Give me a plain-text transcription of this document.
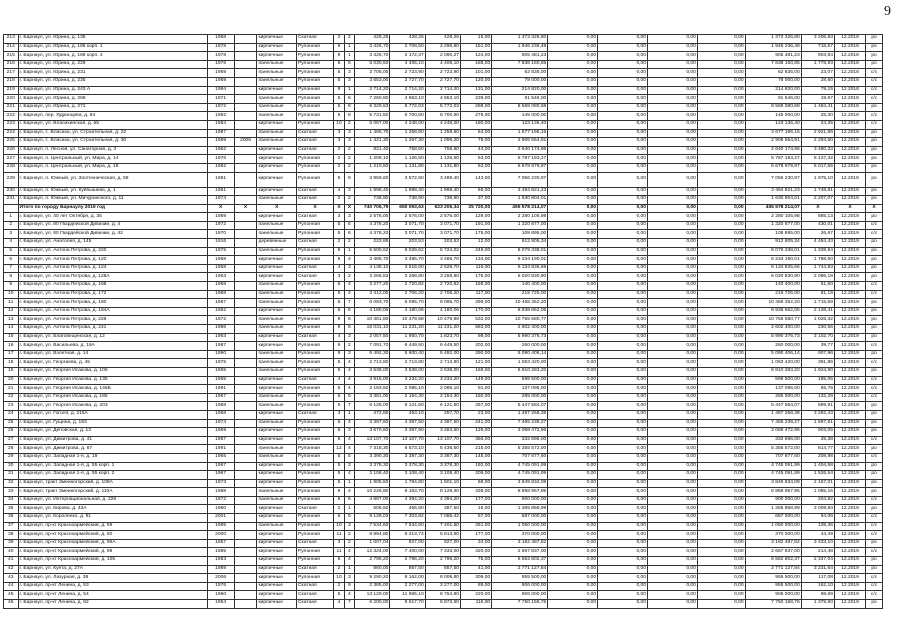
9
213	г. Барнаул, ул. Юрина, д. 135	1958		кирпичные	Скатная	2	2	428,25	428,25	428,25	16,00	1 373 326,80	0,00	0,00	0,00	0,00	1 373 326,80	3 206,83	12.2018	ро
214	г. Барнаул, ул. Юрина, д. 186 корп. 1	1978		кирпичные	Рулонная	9	1	3 426,70	2 708,50	2 296,80	151,00	1 946 236,48	0,00	0,00	0,00	0,00	1 946 236,48	718,57	12.2018	ро
215	г. Барнаул, ул. Юрина, д. 186 корп. 2	1978		кирпичные	Рулонная	9	1	3 426,70	2 172,37	2 090,27	124,00	905 481,23	0,00	0,00	0,00	0,00	905 481,23	903,84	12.2018	ро
216	г. Барнаул, ул. Юрина, д. 229	1976		панельные	Рулонная	5	6	5 030,50	4 406,10	4 406,10	188,00	7 838 160,85	0,00	0,00	0,00	0,00	7 838 160,85	1 778,93	12.2018	ро
217	г. Барнаул, ул. Юрина, д. 231	1969		панельные	Рулонная	5	3	3 705,00	2 723,90	2 723,90	101,00	62 835,00	0,00	0,00	0,00	0,00	62 835,00	23,07	12.2018	с/с
218	г. Барнаул, ул. Юрина, д. 235	1969		панельные	Рулонная	5	3	3 653,00	2 727,70	2 727,70	120,00	78 000,00	0,00	0,00	0,00	0,00	78 000,00	28,60	12.2018	с/с
219	г. Барнаул, ул. Юрина, д. 243 А	1994		кирпичные	Рулонная	9	1	2 714,20	2 714,20	2 714,20	131,00	214 820,00	0,00	0,00	0,00	0,00	214 820,00	79,15	12.2018	с/с
220	г. Барнаул, ул. Юрина, д. 269	1971		панельные	Рулонная	5	6	7 260,80	4 653,10	4 653,10	239,00	91 546,00	0,00	0,00	0,00	0,00	91 546,00	19,67	12.2018	с/с
221	г. Барнаул, ул. Юрина, д. 271	1972		панельные	Рулонная	5	8	6 329,53	5 772,03	5 772,03	288,00	8 568 080,68	0,00	0,00	0,00	0,00	8 568 080,68	1 484,41	12.2018	ро
222	г. Барнаул, пер. Ядринцева, д. 84	1992		панельные	Рулонная	5	8	5 731,50	5 700,60	5 700,60	278,00	145 000,00	0,00	0,00	0,00	0,00	145 000,00	25,30	12.2018	с/с
223	г. Барнаул, ул. Власихинская, д. 65	1984		кирпичные	Рулонная	10	2	5 067,00	4 248,00	4 248,00	180,00	123 136,40	0,00	0,00	0,00	0,00	123 136,40	24,35	12.2018	с/с
224	г. Барнаул, с. Власиха, ул. Строительная, д. 22	1987		панельные	Скатная	3	3	1 465,70	1 258,60	1 258,60	64,00	1 677 196,15	0,00	0,00	0,00	0,00	3 677 196,15	2 921,86	12.2018	ро
225	г. Барнаул, с. Власиха, ул. Строительная, д. 30	1989	2008	панельные	Скатная	3	3	1 421,30	1 267,30	1 098,20	79,00	2 906 554,91	0,00	0,00	0,00	0,00	2 906 554,91	2 293,50	12.2018	ро
226	г. Барнаул, п. Лесной, ул. Санаторная, д. 3	1962		кирпичные	Скатная	2	2	821,40	758,60	758,60	44,00	2 640 174,96	0,00	0,00	0,00	0,00	2 640 174,96	3 480,33	12.2018	ро
227	г. Барнаул, п. Центральный, ул. Мира, д. 14	1976		кирпичные	Рулонная	2	2	1 209,10	1 126,50	1 126,50	53,00	5 787 193,27	0,00	0,00	0,00	0,00	5 787 193,27	5 137,32	12.2018	ро
228	г. Барнаул, п. Центральный, ул. Мира, д. 18	1982		кирпичные	Рулонная	2	2	1 210,50	1 131,80	1 131,80	52,00	5 678 979,97	0,00	0,00	0,00	0,00	5 678 979,97	5 017,65	12.2018	ро
229	г. Барнаул, п. Южный, ул. Зоотехническая, д. 59	1981		кирпичные	Рулонная	5	6	3 959,60	3 572,60	3 489,40	143,00	7 056 230,97	0,00	0,00	0,00	0,00	7 056 230,97	1 975,10	12.2018	ро
230	г. Барнаул, п. Южный, ул. Куйбышева, д. 1	1961		кирпичные	Скатная	4	3	1 998,40	1 998,40	1 998,40	65,00	3 494 821,23	0,00	0,00	0,00	0,00	3 494 821,23	1 748,81	12.2018	ро
231	г. Барнаул, п. Южный, ул. Мичуринского, д. 11	1974		панельные	Скатная	2	2	738,90	738,90	738,90	37,00	1 630 804,01	0,00	0,00	0,00	0,00	1 630 804,01	2 207,07	12.2018	ро
	Итого по городу Барнаулу 2019 год	X	X	X	X	X	X	740 706,79	650 093,63	623 206,34	25 720,00	455 578 214,07	0,00	0,00	0,00	0,00	455 578 214,07	X	X	X
1	г. Барнаул, ул. 40 лет Октября, д. 35	1959		кирпичные	Скатная	3	3	2 576,00	2 576,00	2 576,00	129,00	2 280 105,98	0,00	0,00	0,00	0,00	2 280 105,98	885,13	12.2019	ро
2	г. Барнаул, ул. 80 Гвардейской Дивизии, д. 4	1972		панельные	Рулонная	5	6	4 378,20	3 071,70	3 071,70	191,00	1 320 877,00	0,00	0,00	0,00	0,00	1 320 877,00	430,01	12.2019	с/с
3	г. Барнаул, ул. 80 Гвардейской Дивизии, д. 42	1970		панельные	Рулонная	5	6	4 378,20	3 071,70	3 071,70	175,00	108 895,00	0,00	0,00	0,00	0,00	108 895,00	26,67	12.2019	с/с
4	г. Барнаул, ул. Анатолия, д. 145	1916		деревянные	Скатная	2	2	223,85	203,53	203,53	12,00	912 805,34	0,00	0,00	0,00	0,00	912 805,34	4 484,43	12.2019	ро
5	г. Барнаул, ул. Антона Петрова, д. 220	1975		панельные	Рулонная	9	1	6 500,62	6 029,62	5 724,02	249,00	8 079 338,01	0,00	0,00	0,00	0,00	8 079 338,01	1 339,94	12.2019	ро
6	г. Барнаул, ул. Антона Петрова, д. 120	1968		кирпичные	Рулонная	5	4	3 485,70	3 485,70	3 485,70	134,00	6 234 190,01	0,00	0,00	0,00	0,00	6 234 190,01	1 788,50	12.2019	ро
7	г. Барнаул, ул. Антона Петрова, д. 124	1968		кирпичные	Скатная	4	3	4 138,10	3 516,00	2 528,70	116,00	6 134 835,66	0,00	0,00	0,00	0,00	6 134 835,66	1 744,83	12.2019	ро
8	г. Барнаул, ул. Антона Петрова, д. 128А	1963		кирпичные	Скатная	3	2	3 268,83	3 268,80	3 268,80	175,00	6 020 830,90	0,00	0,00	0,00	0,00	6 020 830,90	2 086,18	12.2019	ро
9	г. Барнаул, ул. Антона Петрова, д. 168	1968		панельные	Рулонная	5	4	3 277,20	2 720,82	2 720,82	168,00	140 400,00	0,00	0,00	0,00	0,00	140 400,00	51,60	12.2019	с/с
10	г. Барнаул, ул. Антона Петрова, д. 172	1968		панельные	Рулонная	5	4	3 412,00	2 706,20	2 706,20	117,00	219 725,00	0,00	0,00	0,00	0,00	219 725,00	81,19	12.2019	с/с
11	г. Барнаул, ул. Антона Петрова, д. 180	1967		панельные	Рулонная	5	7	6 093,70	6 095,70	6 095,70	299,00	10 458 352,20	0,00	0,00	0,00	0,00	10 458 352,20	1 715,69	12.2019	ро
12	г. Барнаул, ул. Антона Петрова, д. 184А	1992		кирпичные	Рулонная	5	6	4 180,06	4 180,06	4 180,06	170,00	8 938 662,05	0,00	0,00	0,00	0,00	8 938 662,05	2 138,41	12.2019	ро
13	г. Барнаул, ул. Антона Петрова, д. 226	1972		панельные	Рулонная	9	6	10 481,80	10 479,88	10 479,88	532,00	10 755 580,77	0,00	0,00	0,00	0,00	10 755 580,77	1 026,32	12.2019	ро
14	г. Барнаул, ул. Антона Петрова, д. 241	1986		панельные	Рулонная	9	6	16 031,10	11 231,20	11 231,20	583,00	2 602 400,00	0,00	0,00	0,00	0,00	2 602 400,00	230,66	12.2019	ро
15	г. Барнаул, ул. Благовещенская, д. 12	1963		кирпичные	Скатная	4	3	2 057,50	1 950,70	1 823,70	98,00	5 990 376,73	0,00	0,00	0,00	0,00	5 990 376,73	3 102,70	12.2019	ро
16	г. Барнаул, ул. Васильева, д. 16А	1987		кирпичные	Рулонная	9	2	7 091,70	6 449,50	6 449,50	202,00	260 000,00	0,00	0,00	0,00	0,00	260 000,00	39,77	12.2019	с/с
17	г. Барнаул, ул. Взлетная, д. 14	1990		панельные	Рулонная	9	3	6 492,30	5 600,40	5 492,00	290,00	5 090 406,14	0,00	0,00	0,00	0,00	5 090 406,14	907,96	12.2019	ро
18	г. Барнаул, ул. Георгиева, д. 45	1975		панельные	Рулонная	5	4	2 713,80	2 713,80	2 713,80	121,00	1 063 420,00	0,00	0,00	0,00	0,00	1 063 420,00	391,86	12.2019	с/с
19	г. Барнаул, ул. Георгия Исакова, д. 105	1965		панельные	Рулонная	5	4	3 538,00	3 538,00	3 538,00	169,00	6 810 283,20	0,00	0,00	0,00	0,00	6 810 283,20	1 924,90	12.2019	ро
20	г. Барнаул, ул. Георгия Исакова, д. 135	1965		кирпичные	Скатная	4	4	3 915,00	3 234,20	3 234,20	149,00	598 500,00	0,00	0,00	0,00	0,00	598 500,00	185,05	12.2019	с/с
21	г. Барнаул, ул. Георгия Исакова, д. 146Б	1991		кирпичные	Рулонная	5	4	2 183,50	2 085,10	2 085,10	91,00	137 095,00	0,00	0,00	0,00	0,00	137 095,00	65,75	12.2019	с/с
22	г. Барнаул, ул. Георгия Исакова, д. 185	1967		панельные	Рулонная	5	5	3 381,00	2 154,30	2 154,30	160,00	285 000,00	0,00	0,00	0,00	0,00	285 000,00	132,29	12.2019	с/с
23	г. Барнаул, ул. Георгия Исакова, д. 203	1968		панельные	Рулонная	5	7	6 128,00	6 121,50	6 121,50	267,00	5 447 584,07	0,00	0,00	0,00	0,00	5 447 584,07	889,91	12.2019	ро
24	г. Барнаул, ул. Гоголя, д. 215А	1958		кирпичные	Скатная	3	1	472,80	453,10	257,70	23,00	1 487 268,38	0,00	0,00	0,00	0,00	1 487 268,38	3 282,43	12.2019	ро
25	г. Барнаул, ул. Гущина, д. 193	1974		панельные	Рулонная	5	4	3 397,60	4 397,50	4 397,50	241,00	7 465 239,27	0,00	0,00	0,00	0,00	7 465 239,27	1 697,61	12.2019	ро
26	г. Барнаул, ул. Деповская, д. 13	1969		кирпичные	Рулонная	5	3	3 670,60	3 397,90	3 283,50	126,00	3 068 472,96	0,00	0,00	0,00	0,00	3 068 472,96	903,05	12.2019	ро
27	г. Барнаул, ул. Димитрова, д. 41	1967		кирпичные	Рулонная	5	4	13 107,70	13 107,70	13 107,70	366,00	332 696,00	0,00	0,00	0,00	0,00	332 696,00	25,38	12.2019	с/с
28	г. Барнаул, ул. Димитрова, д. 67	1991		панельные	Рулонная	12	4	7 318,30	6 573,10	5 436,50	215,00	5 355 572,00	0,00	0,00	0,00	0,00	5 355 572,00	814,77	12.2019	ро
29	г. Барнаул, ул. Западная 1-я, д. 19	1965		панельные	Рулонная	5	5	3 390,30	3 387,30	3 387,30	145,00	707 877,60	0,00	0,00	0,00	0,00	707 877,60	208,98	12.2019	с/с
30	г. Барнаул, ул. Западная 1-я, д. 55 корп. 1	1967		кирпичные	Рулонная	5	3	3 378,30	3 378,30	3 378,30	192,00	4 745 091,99	0,00	0,00	0,00	0,00	4 745 091,99	1 404,58	12.2019	ро
31	г. Барнаул, ул. Западная 1-я, д. 55 корп. 2	1967		кирпичные	Рулонная	5	4	3 108,40	3 108,40	3 108,40	209,00	4 745 091,99	0,00	0,00	0,00	0,00	4 745 091,99	1 526,54	12.2019	ро
32	г. Барнаул, тракт Змеиногорский, д. 108А	1973		кирпичные	Рулонная	5	1	1 905,50	1 784,80	1 501,10	68,00	3 849 834,09	0,00	0,00	0,00	0,00	3 849 834,09	2 157,01	12.2019	ро
33	г. Барнаул, тракт Змеиногорский, д. 110А	1988		панельные	Рулонная	9	4	10 226,80	8 163,70	8 128,30	338,00	8 858 957,96	0,00	0,00	0,00	0,00	8 858 957,96	1 085,16	12.2019	ро
34	г. Барнаул, ул. Интернациональная, д. 228	1972		панельные	Рулонная	5	6	4 887,00	4 394,20	4 394,20	177,00	900 000,00	0,00	0,00	0,00	0,00	900 000,00	204,82	12.2019	с/с
35	г. Барнаул, ул. Кирова, д. 43А	1960		кирпичные	Скатная	2	1	506,50	455,80	387,50	16,00	1 365 858,99	0,00	0,00	0,00	0,00	1 365 858,99	3 009,83	12.2019	ро
36	г. Барнаул, ул. Короленко, д. 91	2001		кирпичные	Рулонная	6	5	9 128,03	7 303,82	7 085,42	57,00	687 000,00	0,00	0,00	0,00	0,00	687 000,00	94,06	12.2019	с/с
37	г. Барнаул, пр-кт Красноармейский, д. 59	1995		панельные	Рулонная	10	3	7 534,60	7 534,60	7 401,60	261,00	1 050 000,00	0,00	0,00	0,00	0,00	1 050 000,00	139,36	12.2019	с/с
38	г. Барнаул, пр-кт Красноармейский, д. 60	2000		кирпичные	Рулонная	11	2	8 994,80	8 313,72	5 813,60	177,00	370 000,00	0,00	0,00	0,00	0,00	370 000,00	44,49	12.2019	с/с
39	г. Барнаул, пр-кт Красноармейский, д. 96А	1957		кирпичные	Скатная	3	2	1 007,04	927,00	927,00	34,00	3 182 487,82	0,00	0,00	0,00	0,00	3 182 487,82	3 433,10	12.2019	ро
40	г. Барнаул, пр-кт Красноармейский, д. 98	1985		кирпичные	Рулонная	11	4	12 324,00	7 400,00	7 333,00	420,00	2 667 837,00	0,00	0,00	0,00	0,00	2 667 837,00	214,48	12.2019	с/с
41	г. Барнаул, пр-кт Красноармейский, д. 105	1983		кирпичные	Рулонная	5	4	2 796,20	2 796,20	2 796,20	75,00	6 562 802,37	0,00	0,00	0,00	0,00	6 562 802,37	2 347,04	12.2019	ро
42	г. Барнаул, ул. Куета, д. 27А	1989		кирпичные	Скатная	2	1	860,00	857,50	857,50	41,00	2 771 127,84	0,00	0,00	0,00	0,00	2 771 127,84	3 231,64	12.2019	ро
43	г. Барнаул, ул. Лазурная, д. 38	2006		кирпичные	Рулонная	10	3	9 290,20	8 162,00	8 006,80	309,00	955 500,00	0,00	0,00	0,00	0,00	955 500,00	117,08	12.2019	с/с
44	г. Барнаул, пр-кт Ленина, д. 53	1976		кирпичные	Скатная	2	9	2 385,00	2 277,00	2 277,00	89,00	906 000,00	0,00	0,00	0,00	0,00	955 500,00	162,10	12.2019	с/с
45	г. Барнаул, пр-кт Ленина, д. 54	1960		кирпичные	Скатная	5	4	13 129,00	11 965,10	8 754,80	220,00	906 000,00	0,00	0,00	0,00	0,00	906 000,00	98,69	12.2019	с/с
46	г. Барнаул, пр-кт Ленина, д. 82	1954		кирпичные	Скатная	4	7	6 200,00	5 617,70	5 873,50	116,00	7 750 158,76	0,00	0,00	0,00	0,00	7 750 158,76	1 379,60	12.2019	ро
